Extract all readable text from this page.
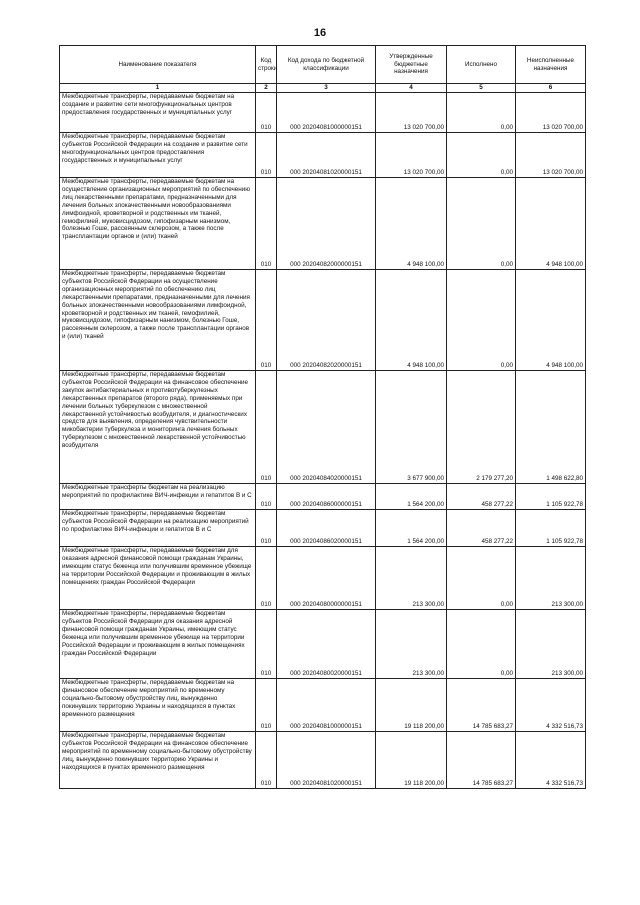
16
Наименование показателя	Код строки	Код дохода по бюджетной классификации	Утвержденные бюджетные назначения	Исполнено	Неисполненные назначения
1	2	3	4	5	6
Межбюджетные трансферты, передаваемые бюджетам на создание и развитие сети многофункциональных центров предоставления государственных и муниципальных услуг	010	000 20204081000000151	13 020 700,00	0,00	13 020 700,00
Межбюджетные трансферты, передаваемые бюджетам субъектов Российской Федерации на создание и развитие сети многофункциональных центров предоставления государственных и муниципальных услуг	010	000 20204081020000151	13 020 700,00	0,00	13 020 700,00
Межбюджетные трансферты, передаваемые бюджетам на осуществление организационных мероприятий по обеспечению лиц лекарственными препаратами, предназначенными для лечения больных злокачественными новообразованиями лимфоидной, кроветворной и родственных им тканей, гемофилией, муковисцидозом, гипофизарным нанизмом, болезнью Гоше, рассеянным склерозом, а также после трансплантации органов и (или) тканей	010	000 20204082000000151	4 948 100,00	0,00	4 948 100,00
Межбюджетные трансферты, передаваемые бюджетам субъектов Российской Федерации на осуществление организационных мероприятий по обеспечению лиц лекарственными препаратами, предназначенными для лечения больных злокачественными новообразованиями лимфоидной, кроветворной и родственных им тканей, гемофилией, муковисцидозом, гипофизарным нанизмом, болезнью Гоше, рассеянным склерозом, а также после трансплантации органов и (или) тканей	010	000 20204082020000151	4 948 100,00	0,00	4 948 100,00
Межбюджетные трансферты, передаваемые бюджетам субъектов Российской Федерации на финансовое обеспечение закупок антибактериальных и противотуберкулезных лекарственных препаратов (второго ряда), применяемых при лечении больных туберкулезом с множественной лекарственной устойчивостью возбудителя, и диагностических средств для выявления, определения чувствительности микобактерии туберкулеза и мониторинга лечения больных туберкулезом с множественной лекарственной устойчивостью возбудителя	010	000 20204084020000151	3 677 900,00	2 179 277,20	1 498 622,80
Межбюджетные трансферты бюджетам на реализацию мероприятий по профилактике ВИЧ-инфекции и гепатитов В и С	010	000 20204086000000151	1 564 200,00	458 277,22	1 105 922,78
Межбюджетные трансферты, передаваемые бюджетам субъектов Российской Федерации на реализацию мероприятий по профилактике ВИЧ-инфекции и гепатитов В и С	010	000 20204086020000151	1 564 200,00	458 277,22	1 105 922,78
Межбюджетные трансферты, передаваемые бюджетам для оказания адресной финансовой помощи гражданам Украины, имеющим статус беженца или получившим временное убежище на территории Российской Федерации и проживающим в жилых помещениях граждан Российской Федерации	010	000 20204080000000151	213 300,00	0,00	213 300,00
Межбюджетные трансферты, передаваемые бюджетам субъектов Российской Федерации для оказания адресной финансовой помощи гражданам Украины, имеющим статус беженца или получившим временное убежище на территории Российской Федерации и проживающим в жилых помещениях граждан Российской Федерации	010	000 20204080020000151	213 300,00	0,00	213 300,00
Межбюджетные трансферты, передаваемые бюджетам на финансовое обеспечение мероприятий по временному социально-бытовому обустройству лиц, вынужденно покинувших территорию Украины и находящихся в пунктах временного размещения	010	000 20204081000000151	19 118 200,00	14 785 683,27	4 332 516,73
Межбюджетные трансферты, передаваемые бюджетам субъектов Российской Федерации на финансовое обеспечение мероприятий по временному социально-бытовому обустройству лиц, вынужденно покинувших территорию Украины и находящихся в пунктах временного размещения	010	000 20204081020000151	19 118 200,00	14 785 683,27	4 332 516,73
